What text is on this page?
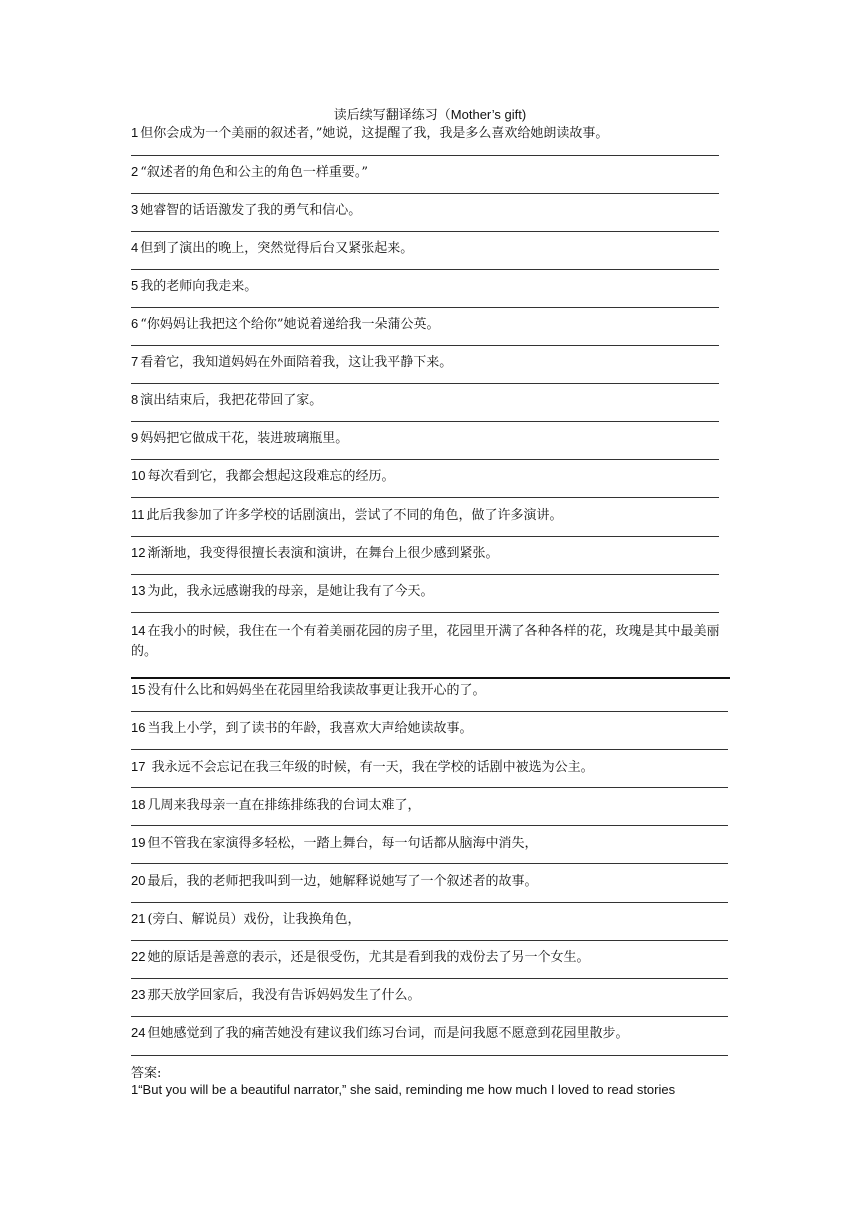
读后续写翻译练习（Mother’s gift)
1 但你会成为一个美丽的叙述者，”她说，这提醒了我，我是多么喜欢给她朗读故事。
2 “叙述者的角色和公主的角色一样重要。”
3 她睿智的话语激发了我的勇气和信心。
4 但到了演出的晚上，突然觉得后台又紧张起来。
5 我的老师向我走来。
6 “你妈妈让我把这个给你”她说着递给我一朵蒲公英。
7 看着它，我知道妈妈在外面陪着我，这让我平静下来。
8 演出结束后，我把花带回了家。
9 妈妈把它做成干花，装进玻璃瓶里。
10 每次看到它，我都会想起这段难忘的经历。
11 此后我参加了许多学校的话剧演出，尝试了不同的角色，做了许多演讲。
12 渐渐地，我变得很擅长表演和演讲，在舞台上很少感到紧张。
13 为此，我永远感谢我的母亲，是她让我有了今天。
14 在我小的时候，我住在一个有着美丽花园的房子里，花园里开满了各种各样的花，玫瑰是其中最美丽的。
15 没有什么比和妈妈坐在花园里给我读故事更让我开心的了。
16 当我上小学，到了读书的年龄，我喜欢大声给她读故事。
17 我永远不会忘记在我三年级的时候，有一天，我在学校的话剧中被选为公主。
18 几周来我母亲一直在排练排练我的台词太难了，
19 但不管我在家演得多轻松，一踏上舞台，每一句话都从脑海中消失，
20 最后，我的老师把我叫到一边，她解释说她写了一个叙述者的故事。
21 (旁白、解说员）戏份，让我换角色，
22 她的原话是善意的表示，还是很受伤，尤其是看到我的戏份去了另一个女生。
23 那天放学回家后，我没有告诉妈妈发生了什么。
24 但她感觉到了我的痛苦她没有建议我们练习台词，而是问我愿不愿意到花园里散步。
答案:
1“But you will be a beautiful narrator,” she said, reminding me how much I loved to read stories
